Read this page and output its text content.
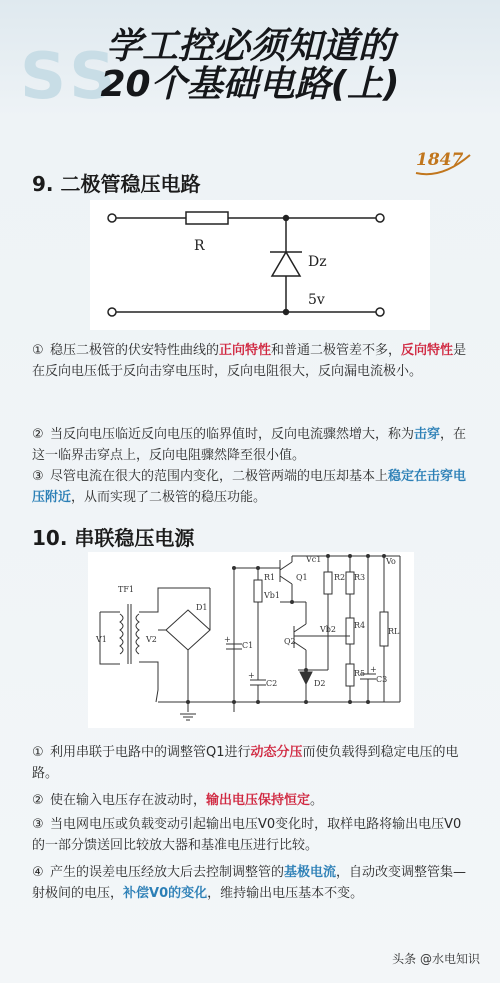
SS
学工控必须知道的
20个基础电路(上)
1847
9. 二极管稳压电路
R
Dz
5v
① 稳压二极管的伏安特性曲线的正向特性和普通二极管差不多，反向特性是在反向电压低于反向击穿电压时，反向电阻很大，反向漏电流极小。
② 当反向电压临近反向电压的临界值时，反向电流骤然增大，称为击穿，在这一临界击穿点上，反向电阻骤然降至很小值。
③ 尽管电流在很大的范围内变化，二极管两端的电压却基本上稳定在击穿电压附近，从而实现了二极管的稳压功能。
10. 串联稳压电源
TF1
V1	V2
D1
C1
C2	C3
R1	R2 R3
R4
R5
RL
Q1
Q2
D2
Vb1
Vb2
Vc1	Vo
+
+
+
① 利用串联于电路中的调整管Q1进行动态分压而使负载得到稳定电压的电路。
② 使在输入电压存在波动时，输出电压保持恒定。
③ 当电网电压或负载变动引起输出电压V0变化时，取样电路将输出电压V0的一部分馈送回比较放大器和基准电压进行比较。
④ 产生的误差电压经放大后去控制调整管的基极电流，自动改变调整管集—射极间的电压，补偿V0的变化，维持输出电压基本不变。
头条 @水电知识
